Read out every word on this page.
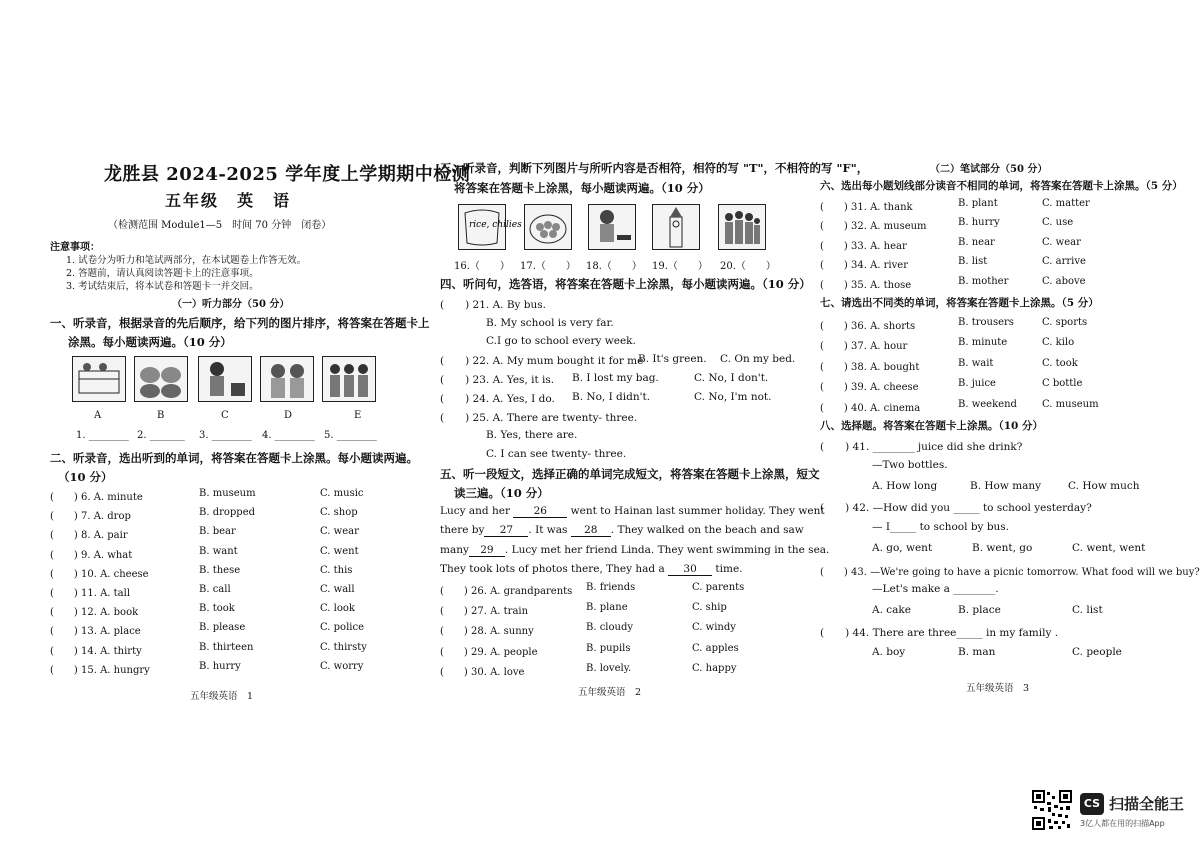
龙胜县 2024-2025 学年度上学期期中检测
五年级　英　语
（检测范围 Module1—5　时间 70 分钟　闭卷）
注意事项：
1. 试卷分为听力和笔试两部分，在本试题卷上作答无效。
2. 答题前，请认真阅读答题卡上的注意事项。
3. 考试结束后，将本试卷和答题卡一并交回。
（一）听力部分（50 分）
一、听录音，根据录音的先后顺序，给下列的图片排序，将答案在答题卡上
涂黑。每小题读两遍。（10 分）
A	B	C	D	E
1. ________ 2. _______ 3. ________ 4. ________ 5. ________
二、听录音，选出听到的单词，将答案在答题卡上涂黑。每小题读两遍。
（10 分）
(　　) 6. A. minute	B. museum	C. music
(　　) 7. A. drop	B. dropped	C. shop
(　　) 8. A. pair	B. bear	C. wear
(　　) 9. A. what	B. want	C. went
(　　) 10. A. cheese	B. these	C. this
(　　) 11. A. tall	B. call	C. wall
(　　) 12. A. book	B. took	C. look
(　　) 13. A. place	B. please	C. police
(　　) 14. A. thirty	B. thirteen	C. thirsty
(　　) 15. A. hungry	B. hurry	C. worry
五年级英语　1
三、听录音，判断下列图片与所听内容是否相符，相符的写 "T"，不相符的写 "F"，
将答案在答题卡上涂黑，每小题读两遍。（10 分）
rice, chilies
16.（　　） 17.（　　） 18.（　　） 19.（　　） 20.（　　）
四、听问句，选答语，将答案在答题卡上涂黑，每小题读两遍。（10 分）
(　　) 21. A. By bus.
B. My school is very far.
C.I go to school every week.
(　　) 22. A. My mum bought it for me
B. It's green. C. On my bed.
(　　) 23. A. Yes, it is. B. I lost my bag.	C. No, I don't.
(　　) 24. A. Yes, I do. B. No, I didn't.	C. No, I'm not.
(　　) 25. A. There are twenty- three.
B. Yes, there are.
C. I can see twenty- three.
五、听一段短文，选择正确的单词完成短文，将答案在答题卡上涂黑，短文
读三遍。（10 分）
Lucy and her 26 went to Hainan last summer holiday. They went
there by 27 . It was 28 . They walked on the beach and saw
many 29 . Lucy met her friend Linda. They went swimming in the sea.
They took lots of photos there, They had a 30 time.
(　　) 26. A. grandparents B. friends	C. parents
(　　) 27. A. train	B. plane	C. ship
(　　) 28. A. sunny	B. cloudy	C. windy
(　　) 29. A. people	B. pupils	C. apples
(　　) 30. A. love	B. lovely.	C. happy
五年级英语　2
（二）笔试部分（50 分）
六、选出每小题划线部分读音不相同的单词，将答案在答题卡上涂黑。（5 分）
(　　) 31. A. thank	B. plant	C. matter
(　　) 32. A. museum	B. hurry	C. use
(　　) 33. A. hear	B. near	C. wear
(　　) 34. A. river	B. list	C. arrive
(　　) 35. A. those	B. mother	C. above
七、请选出不同类的单词，将答案在答题卡上涂黑。（5 分）
(　　) 36. A. shorts	B. trousers	C. sports
(　　) 37. A. hour	B. minute	C. kilo
(　　) 38. A. bought	B. wait	C. took
(　　) 39. A. cheese	B. juice	C bottle
(　　) 40. A. cinema	B. weekend	C. museum
八、选择题。将答案在答题卡上涂黑。（10 分）
(　　) 41. ________ juice did she drink?
—Two bottles.
A. How long	B. How many	C. How much
(　　) 42. —How did you _____ to school yesterday?
— I_____ to school by bus.
A. go, went	B. went, go	C. went, went
(　　) 43. —We're going to have a picnic tomorrow. What food will we buy?
—Let's make a ________.
A. cake	B. place	C. list
(　　) 44. There are three_____ in my family .
A. boy	B. man	C. people
五年级英语　3
CS 扫描全能王
3亿人都在用的扫描App
